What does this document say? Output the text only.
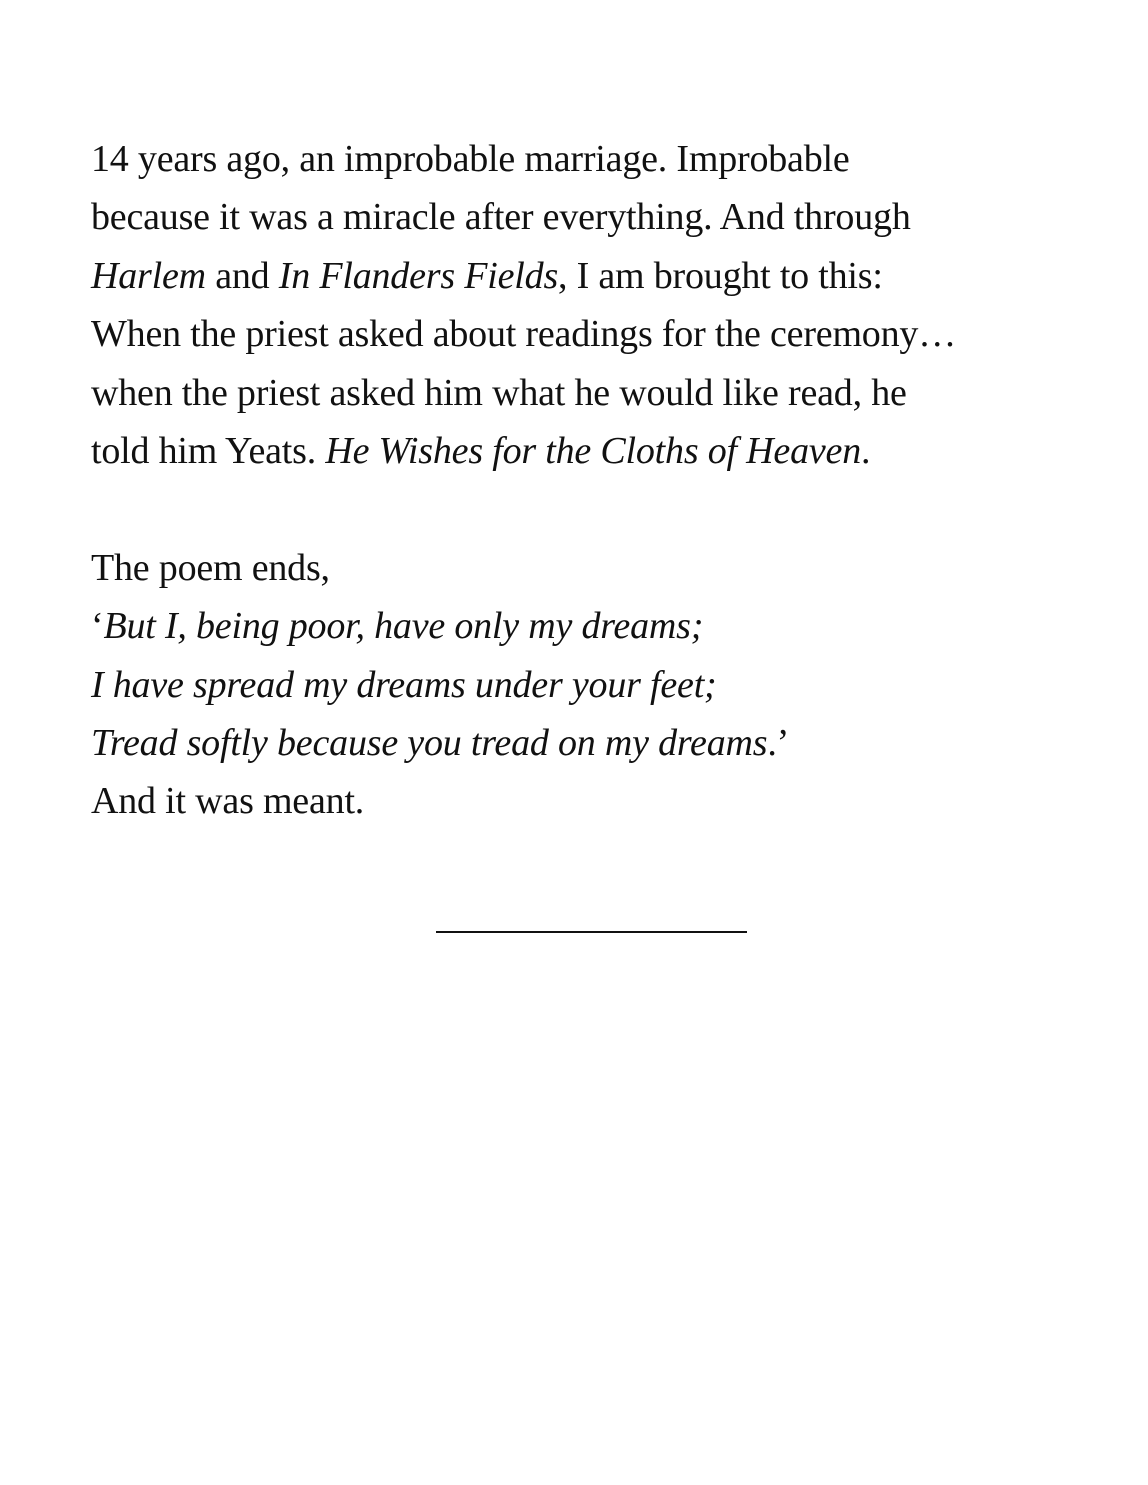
14 years ago, an improbable marriage. Improbable
because it was a miracle after everything. And through
Harlem and In Flanders Fields, I am brought to this:
When the priest asked about readings for the ceremony…
when the priest asked him what he would like read, he
told him Yeats. He Wishes for the Cloths of Heaven.
The poem ends,
‘But I, being poor, have only my dreams;
I have spread my dreams under your feet;
Tread softly because you tread on my dreams.’
And it was meant.
